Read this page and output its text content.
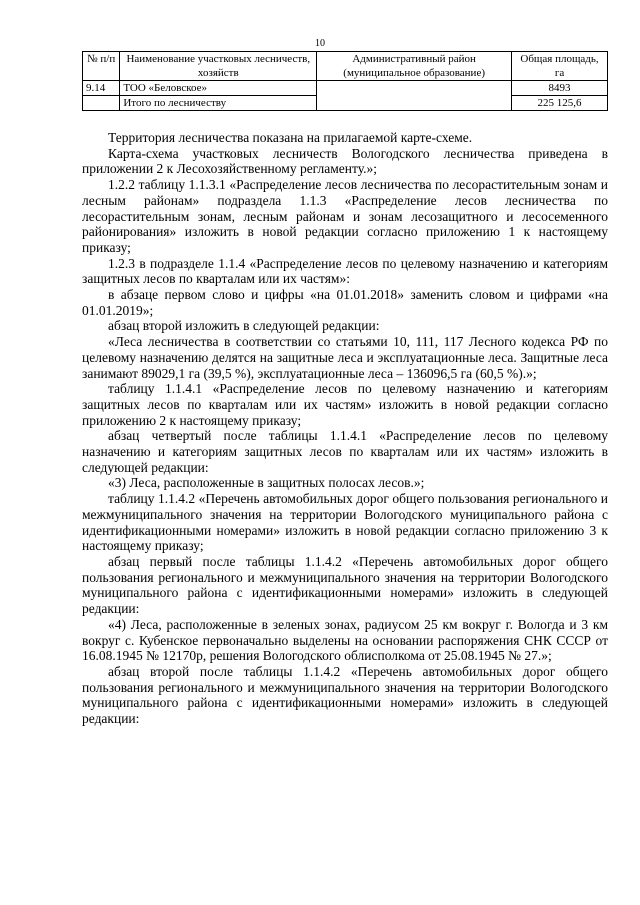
10
№ п/п	Наименование участковых лесничеств, хозяйств	Административный район (муниципальное образование)	Общая площадь, га
9.14	ТОО «Беловское»		8493
	Итого по лесничеству		225 125,6

Территория лесничества показана на прилагаемой карте-схеме.

Карта-схема участковых лесничеств Вологодского лесничества приведена в приложении 2 к Лесохозяйственному регламенту.»;

1.2.2 таблицу 1.1.3.1 «Распределение лесов лесничества по лесорастительным зонам и лесным районам» подраздела 1.1.3 «Распределение лесов лесничества по лесорастительным зонам, лесным районам и зонам лесозащитного и лесосеменного районирования» изложить в новой редакции согласно приложению 1 к настоящему приказу;

1.2.3 в подразделе 1.1.4 «Распределение лесов по целевому назначению и категориям защитных лесов по кварталам или их частям»:

в абзаце первом слово и цифры «на 01.01.2018» заменить словом и цифрами «на 01.01.2019»;

абзац второй изложить в следующей редакции:

«Леса лесничества в соответствии со статьями 10, 111, 117 Лесного кодекса РФ по целевому назначению делятся на защитные леса и эксплуатационные леса. Защитные леса занимают 89029,1 га (39,5 %), эксплуатационные леса – 136096,5 га (60,5 %).»;

таблицу 1.1.4.1 «Распределение лесов по целевому назначению и категориям защитных лесов по кварталам или их частям» изложить в новой редакции согласно приложению 2 к настоящему приказу;

абзац четвертый после таблицы 1.1.4.1 «Распределение лесов по целевому назначению и категориям защитных лесов по кварталам или их частям» изложить в следующей редакции:

«3) Леса, расположенные в защитных полосах лесов.»;

таблицу 1.1.4.2 «Перечень автомобильных дорог общего пользования регионального и межмуниципального значения на территории Вологодского муниципального района с идентификационными номерами» изложить в новой редакции согласно приложению 3 к настоящему приказу;

абзац первый после таблицы 1.1.4.2 «Перечень автомобильных дорог общего пользования регионального и межмуниципального значения на территории Вологодского муниципального района с идентификационными номерами» изложить в следующей редакции:

«4) Леса, расположенные в зеленых зонах, радиусом 25 км вокруг г. Вологда и 3 км вокруг с. Кубенское первоначально выделены на основании распоряжения СНК СССР от 16.08.1945 № 12170р, решения Вологодского облисполкома от 25.08.1945 № 27.»;

абзац второй после таблицы 1.1.4.2 «Перечень автомобильных дорог общего пользования регионального и межмуниципального значения на территории Вологодского муниципального района с идентификационными номерами» изложить в следующей редакции:
